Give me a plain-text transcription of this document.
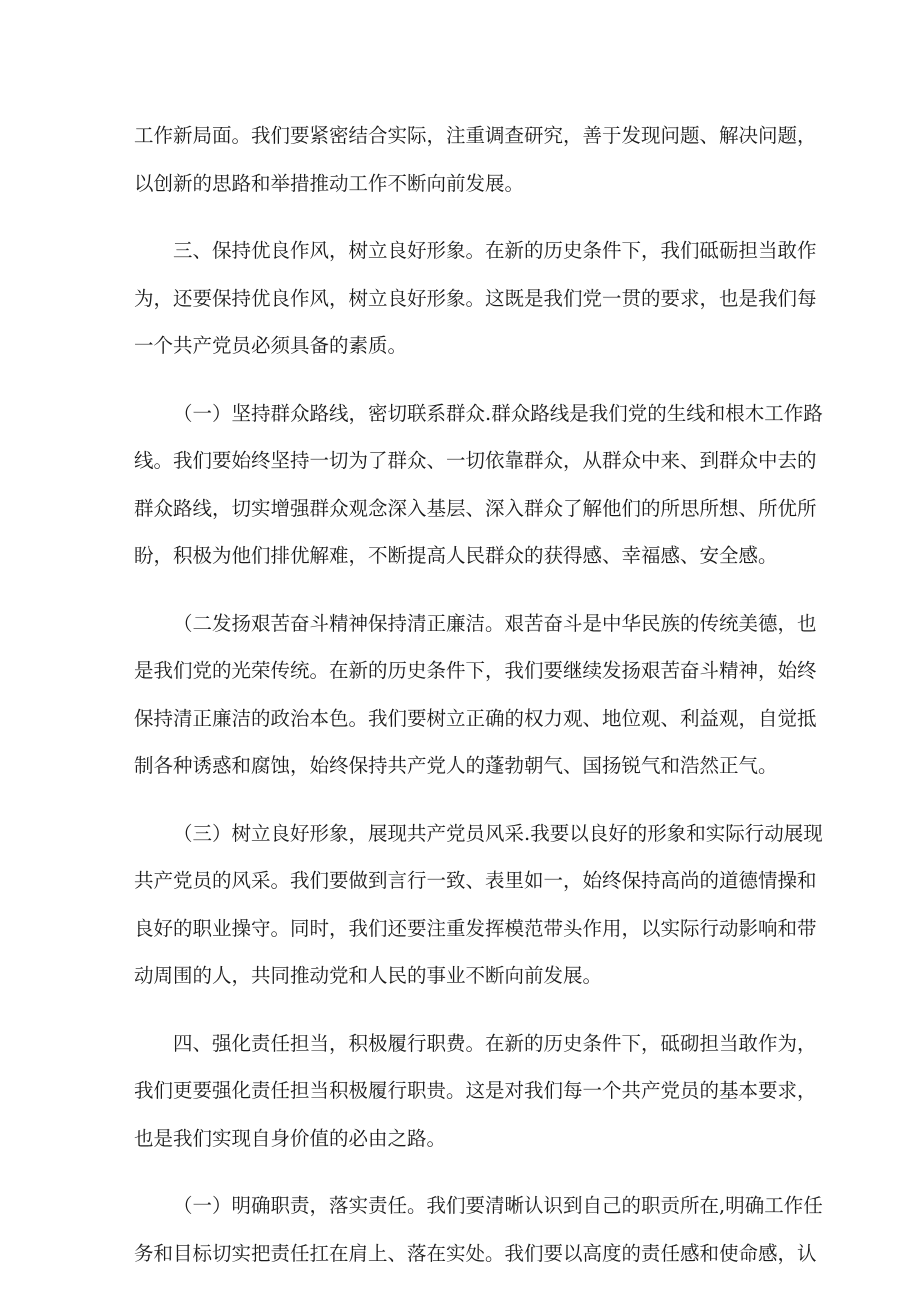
工作新局面。我们要紧密结合实际，注重调查研究，善于发现问题、解决问题，
以创新的思路和举措推动工作不断向前发展。
三、保持优良作风，树立良好形象。在新的历史条件下，我们砥砺担当敢作
为，还要保持优良作风，树立良好形象。这既是我们党一贯的要求，也是我们每
一个共产党员必须具备的素质。
（一）坚持群众路线，密切联系群众.群众路线是我们党的生线和根木工作路
线。我们要始终坚持一切为了群众、一切依靠群众，从群众中来、到群众中去的
群众路线，切实增强群众观念深入基层、深入群众了解他们的所思所想、所优所
盼，积极为他们排优解难，不断提高人民群众的获得感、幸福感、安全感。
（二发扬艰苦奋斗精神保持清正廉洁。艰苦奋斗是中华民族的传统美德，也
是我们党的光荣传统。在新的历史条件下，我们要继续发扬艰苦奋斗精神，始终
保持清正廉洁的政治本色。我们要树立正确的权力观、地位观、利益观，自觉抵
制各种诱惑和腐蚀，始终保持共产党人的蓬勃朝气、国扬锐气和浩然正气。
（三）树立良好形象，展现共产党员风采.我要以良好的形象和实际行动展现
共产党员的风采。我们要做到言行一致、表里如一，始终保持高尚的道德情操和
良好的职业操守。同时，我们还要注重发挥模范带头作用，以实际行动影响和带
动周围的人，共同推动党和人民的事业不断向前发展。
四、强化责任担当，积极履行职费。在新的历史条件下，砥砌担当敢作为，
我们更要强化责任担当积极履行职贵。这是对我们每一个共产党员的基本要求，
也是我们实现自身价值的必由之路。
（一）明确职责，落实责任。我们要清晰认识到自己的职贡所在,明确工作任
务和目标切实把责任扛在肩上、落在实处。我们要以高度的责任感和使命感，认
